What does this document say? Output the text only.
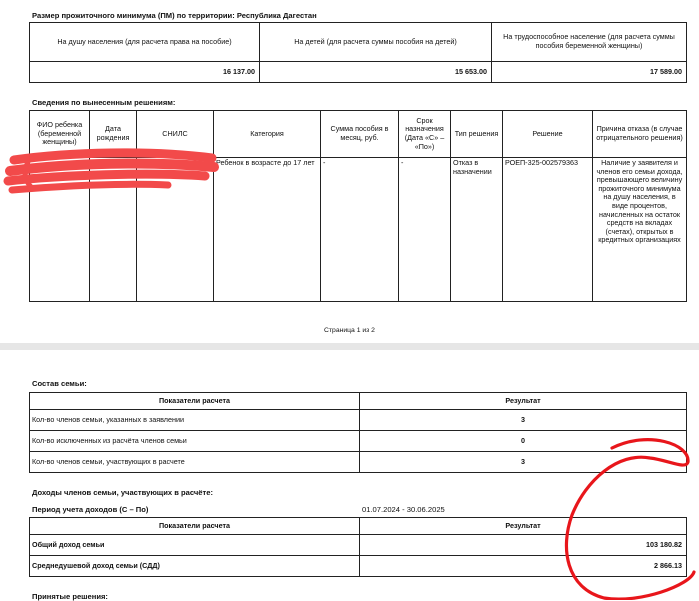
Размер прожиточного минимума (ПМ) по территории: Республика Дагестан
На душу населения (для расчета права на пособие)	На детей (для расчета суммы пособия на детей)	На трудоспособное население (для расчета суммы пособия беременной женщины)
16 137.00	15 653.00	17 589.00
Сведения по вынесенным решениям:
ФИО ребенка (беременной женщины)	Дата рождения	СНИЛС	Категория	Сумма пособия в месяц, руб.	Срок назначения (Дата «С» – «По»)	Тип решения	Решение	Причина отказа (в случае отрицательного решения)
			Ребенок в возрасте до 17 лет	-	-	Отказ в назначении	РОЕП-325-002579363	Наличие у заявителя и членов его семьи дохода, превышающего величину прожиточного минимума на душу населения, в виде процентов, начисленных на остаток средств на вкладах (счетах), открытых в кредитных организациях
Страница 1 из 2
Состав семьи:
Показатели расчета	Результат
Кол-во членов семьи, указанных в заявлении	3
Кол-во исключенных из расчёта членов семьи	0
Кол-во членов семьи, участвующих в расчете	3
Доходы членов семьи, участвующих в расчёте:
Период учета доходов (С – По)	01.07.2024 - 30.06.2025
Показатели расчета	Результат
Общий доход семьи	103 180.82
Среднедушевой доход семьи (СДД)	2 866.13
Принятые решения:
